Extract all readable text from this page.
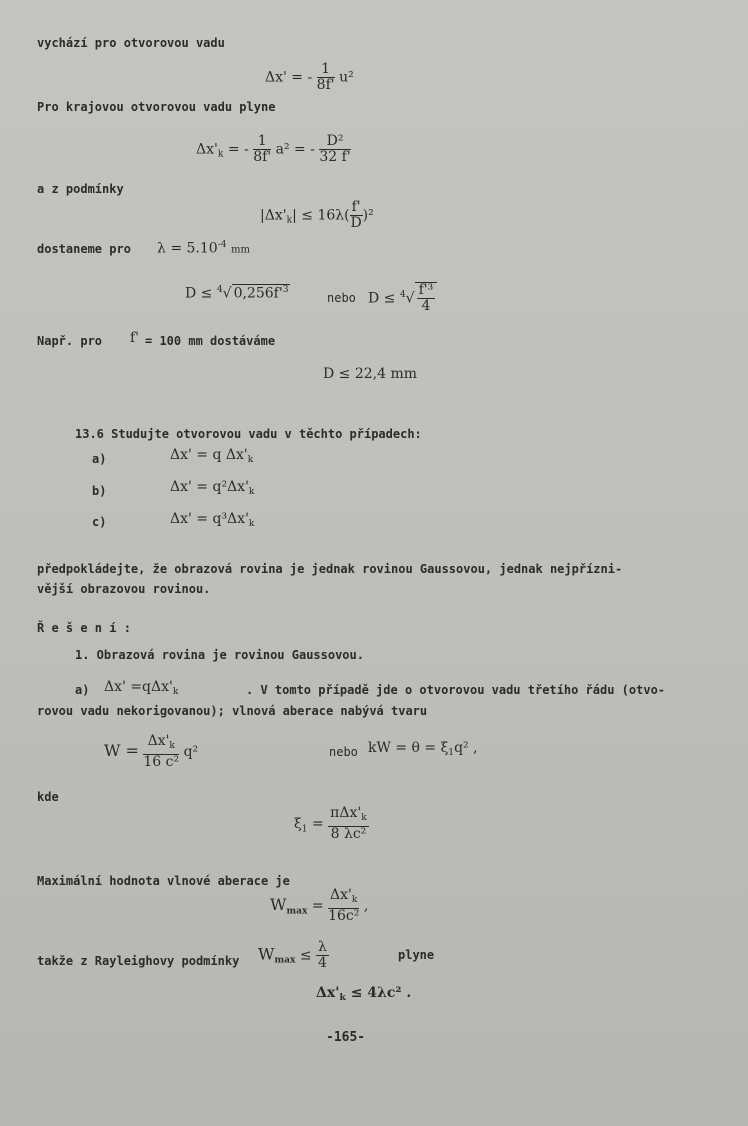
vychází pro otvorovou vadu
Δx' = - $\frac{1}{8f'} u^2$
Pro krajovou otvorovou vadu plyne
$\Delta x'_k$ = - $\frac{1}{8f'} a^2$ = - $\frac{\text{D²}}{32 f'}$
a z podmínky
$|\Delta x'_k| \le 16\lambda( \frac{f'}{D} )^2$
dostaneme pro $\lambda = 5.10^{-4}$ mm
D ≤ $^4$√ $0,256f'^3$
nebo $D \le ^4√ \frac{\text{f'³}}{4}$
Např. pro f' = 100 mm dostáváme
D ≤ 22,4 mm
13.6 Studujte otvorovou vadu v těchto případech:
a)	Δx' = q $\Delta x'_k$
b)	$\Delta x' = q^2\Delta x'_k$
c)	$\Delta x' = q^3\Delta x'_k$
předpokládejte, že obrazová rovina je jednak rovinou Gaussovou, jednak nejpřízni-
vější obrazovou rovinou.
Ř e š e n í :
1. Obrazová rovina je rovinou Gaussovou.
a) $\Delta x' =q\Delta x'_k$	. V tomto případě jde o otvorovou vadu třetího řádu (otvo-
rovou vadu nekorigovanou); vlnová aberace nabývá tvaru
$W = \frac{\Delta x'_k}{\text{16 c²}} q^2$	nebo kW = $\theta = \xi_1q^2$ ,
kde
$\xi_1 = \frac{\pi\Delta x'_k}{\text{8 λc²}}$
Maximální hodnota vlnové aberace je
$W_{max} = \frac{\Delta x'_k}{\text{16c²}}$ ,
takže z Rayleighovy podmínky $W_{max} \le \frac{\lambda}{4}$	plyne
$\Delta x'_k \le 4\lambda c^2$ .
-165-
